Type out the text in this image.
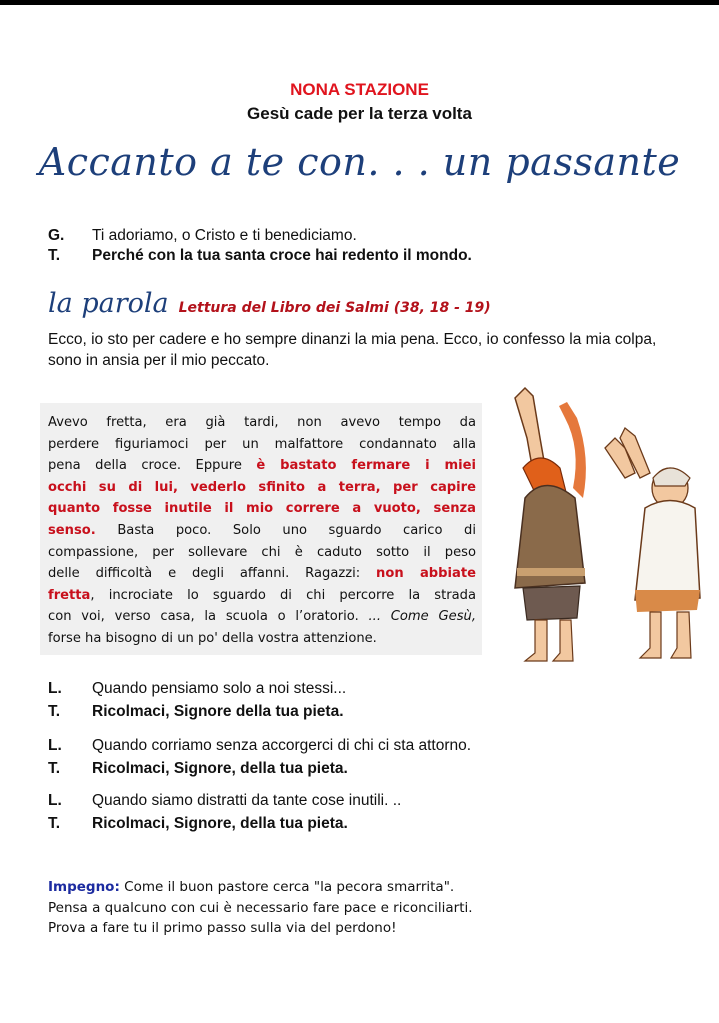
NONA STAZIONE
Gesù cade per la terza volta
Accanto a te con. . . un passante
G. Ti adoriamo, o Cristo e ti benediciamo.
T. Perché con la tua santa croce hai redento il mondo.
la parola Lettura del Libro dei Salmi (38, 18 - 19)
Ecco, io sto per cadere e ho sempre dinanzi la mia pena. Ecco, io confesso la mia colpa, sono in ansia per il mio peccato.
Avevo fretta, era già tardi, non avevo tempo da
perdere figuriamoci per un malfattore condannato alla
pena della croce. Eppure è bastato fermare i miei
occhi su di lui, vederlo sfinito a terra, per capire
quanto fosse inutile il mio correre a vuoto, senza
senso. Basta poco. Solo uno sguardo carico di
compassione, per sollevare chi è caduto sotto il peso
delle difficoltà e degli affanni. Ragazzi: non abbiate
fretta, incrociate lo sguardo di chi percorre la strada
con voi, verso casa, la scuola o l’oratorio. ... Come Gesù,
forse ha bisogno di un po' della vostra attenzione.
L. Quando pensiamo solo a noi stessi...
T. Ricolmaci, Signore della tua pieta.
L. Quando corriamo senza accorgerci di chi ci sta attorno.
T. Ricolmaci, Signore, della tua pieta.
L. Quando siamo distratti da tante cose inutili. ..
T. Ricolmaci, Signore, della tua pieta.
Impegno: Come il buon pastore cerca "la pecora smarrita".
Pensa a qualcuno con cui è necessario fare pace e riconciliarti.
Prova a fare tu il primo passo sulla via del perdono!
